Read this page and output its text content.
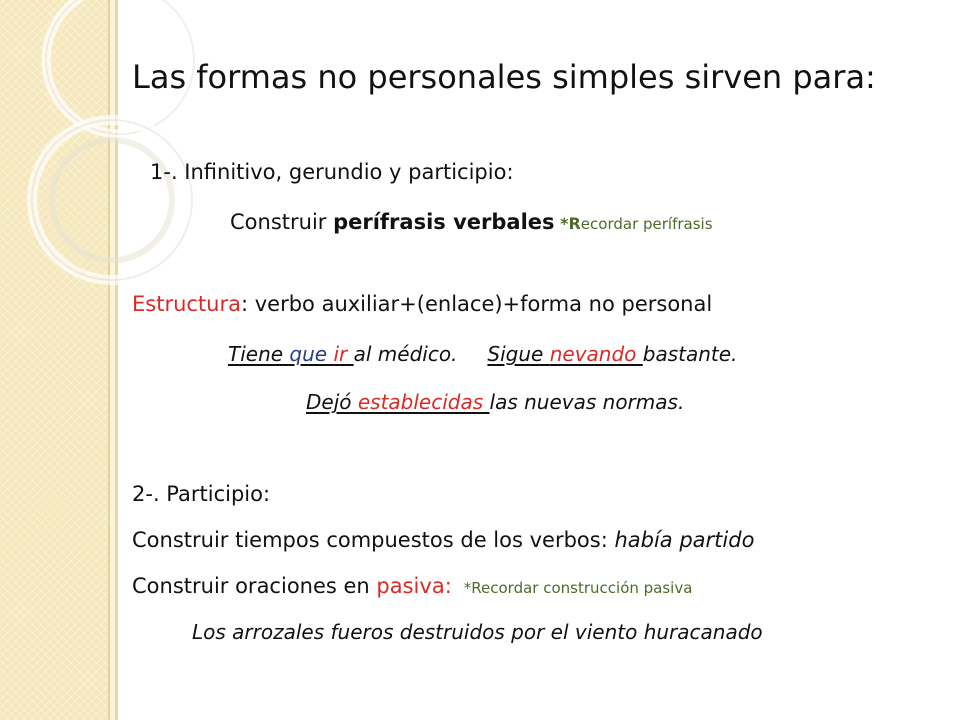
Las formas no personales simples sirven para:
1-. Infinitivo, gerundio y participio:
Construir perífrasis verbales *Recordar perífrasis
Estructura: verbo auxiliar+(enlace)+forma no personal
Tiene que ir al médico. Sigue nevando bastante.
Dejó establecidas las nuevas normas.
2-. Participio:
Construir tiempos compuestos de los verbos: había partido
Construir oraciones en pasiva: *Recordar construcción pasiva
Los arrozales fueros destruidos por el viento huracanado
